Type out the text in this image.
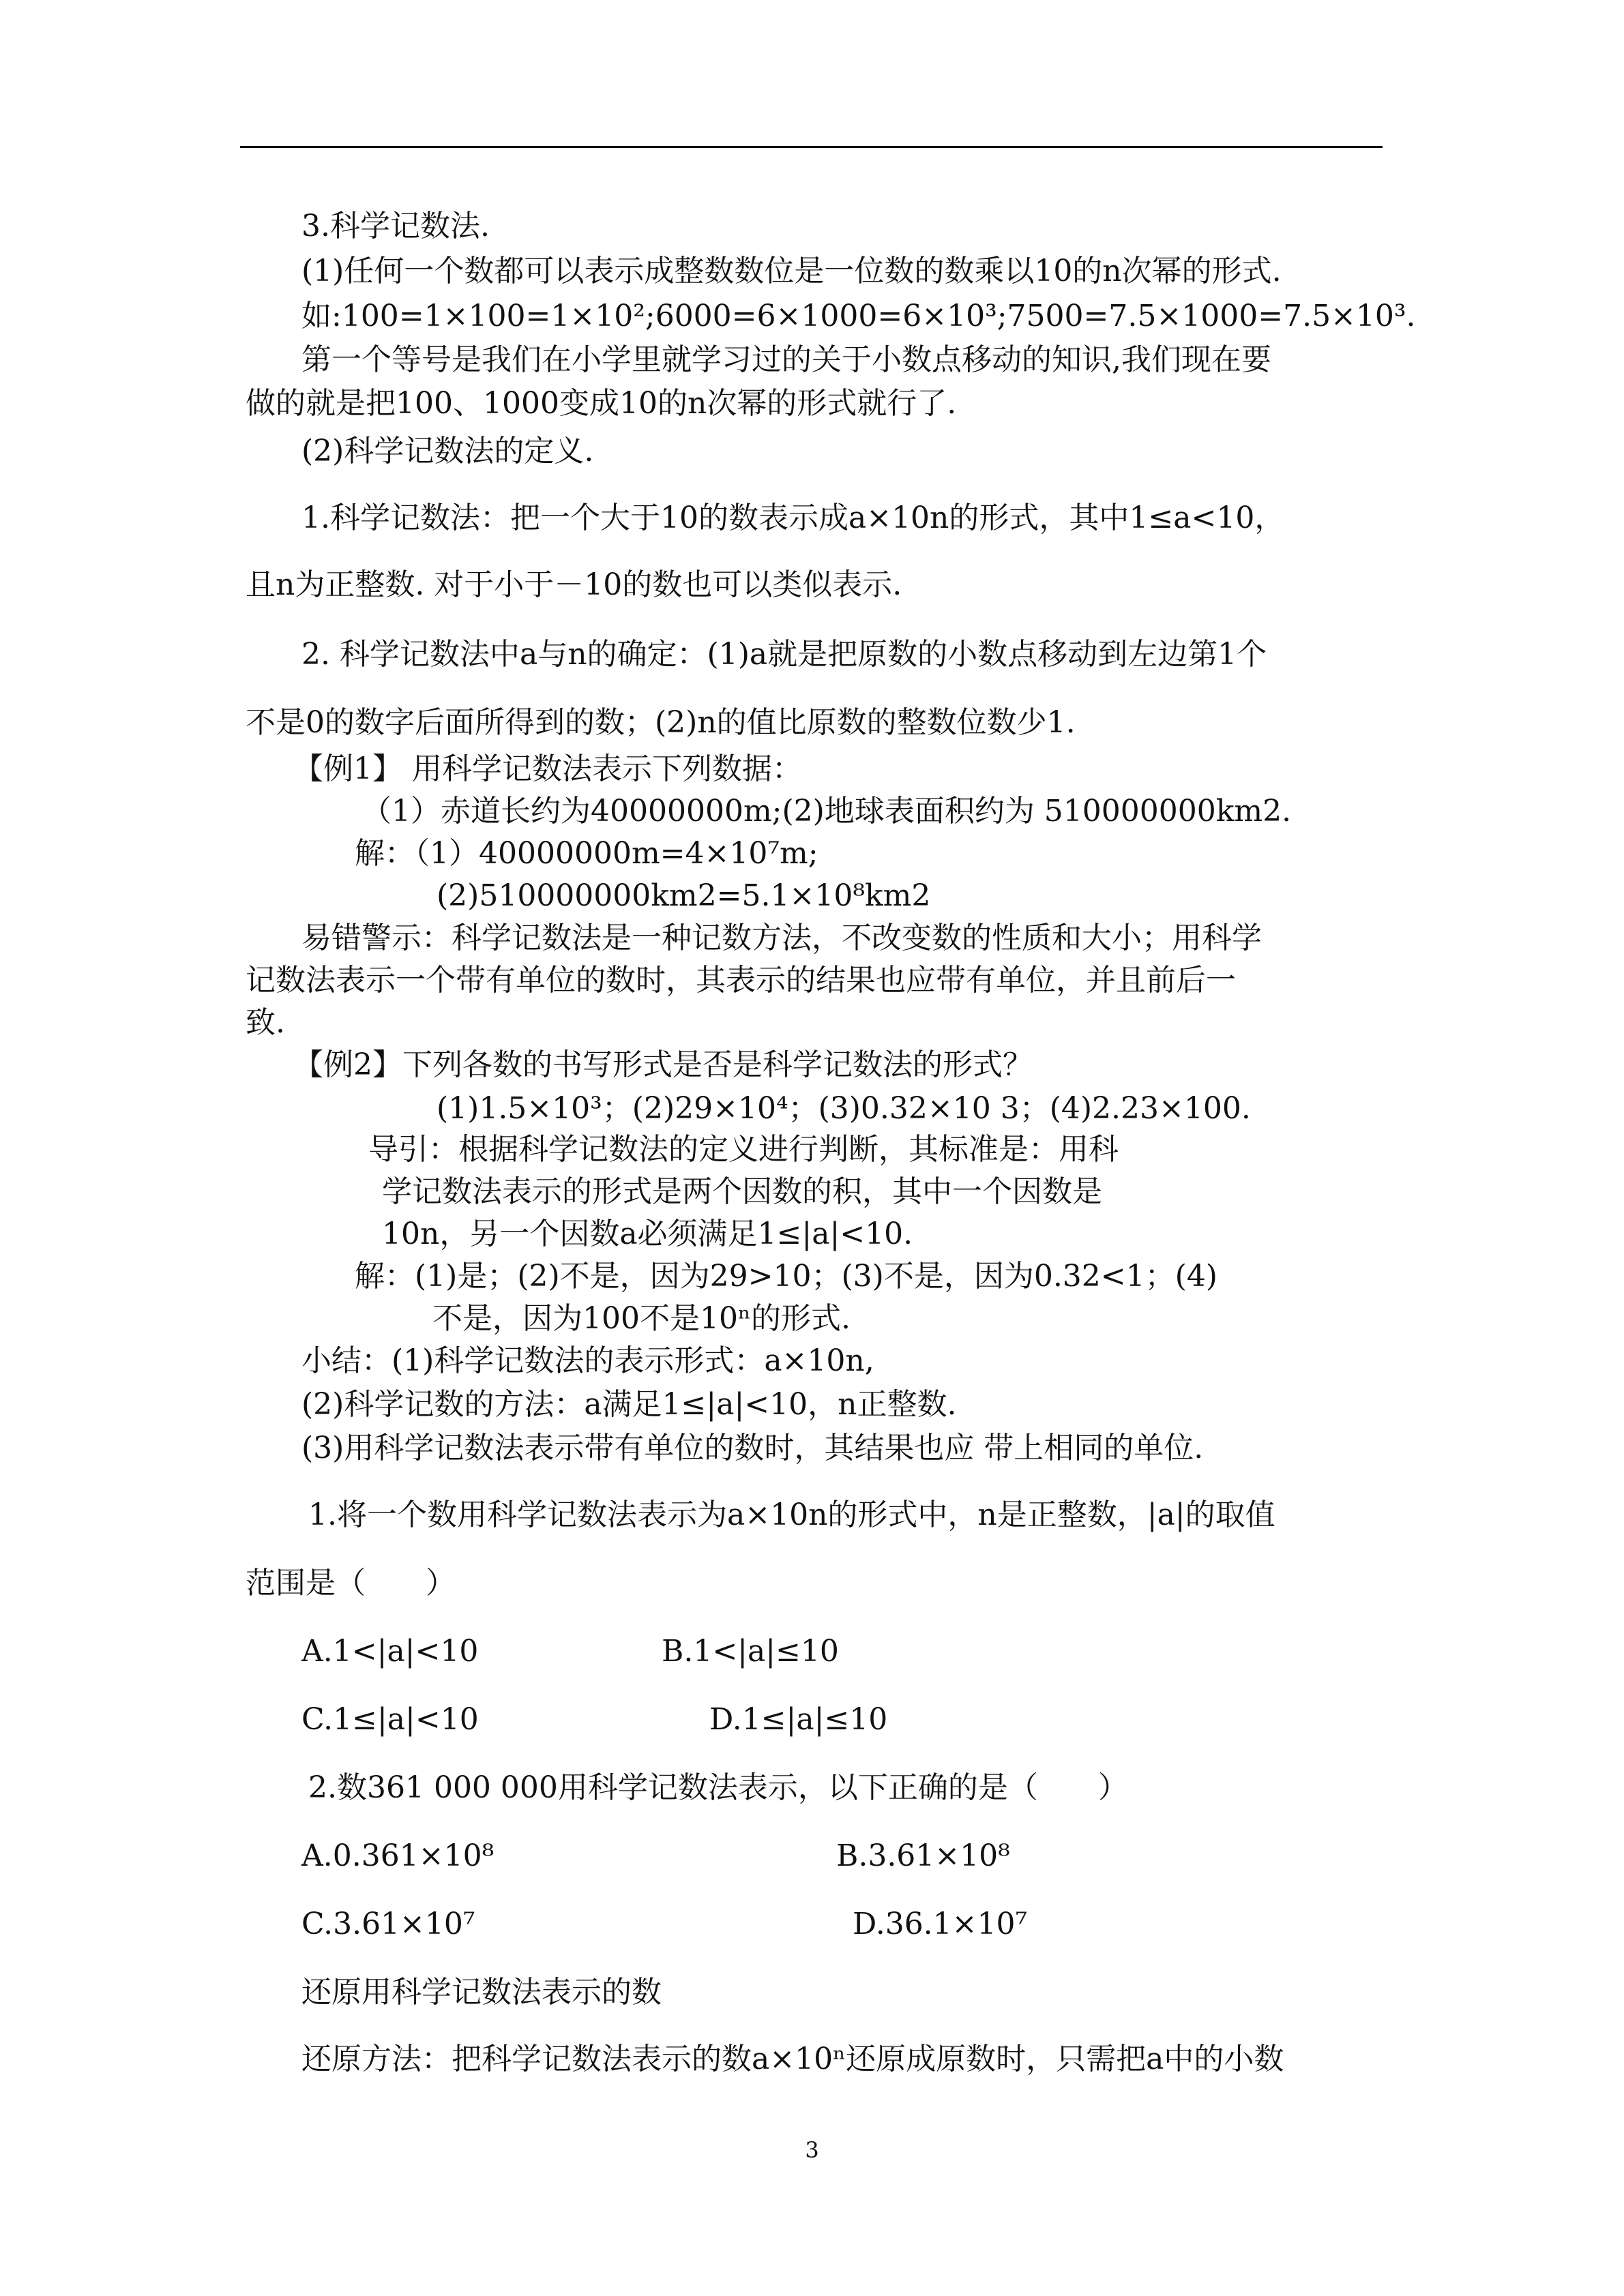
3.科学记数法.
(1)任何一个数都可以表示成整数数位是一位数的数乘以10的n次幂的形式.
如:100=1×100=1×10²;6000=6×1000=6×10³;7500=7.5×1000=7.5×10³.
第一个等号是我们在小学里就学习过的关于小数点移动的知识,我们现在要
做的就是把100、1000变成10的n次幂的形式就行了.
(2)科学记数法的定义.
1.科学记数法：把一个大于10的数表示成a×10n的形式，其中1≤a<10，
且n为正整数. 对于小于－10的数也可以类似表示.
2. 科学记数法中a与n的确定：(1)a就是把原数的小数点移动到左边第1个
不是0的数字后面所得到的数；(2)n的值比原数的整数位数少1.
【例1】 用科学记数法表示下列数据：
（1）赤道长约为40000000m;(2)地球表面积约为 510000000km2.
解：（1）40000000m=4×10⁷m;
(2)510000000km2=5.1×10⁸km2
易错警示：科学记数法是一种记数方法，不改变数的性质和大小；用科学
记数法表示一个带有单位的数时，其表示的结果也应带有单位，并且前后一
致.
【例2】下列各数的书写形式是否是科学记数法的形式？
(1)1.5×10³；(2)29×10⁴；(3)0.32×10 3；(4)2.23×100.
导引：根据科学记数法的定义进行判断，其标准是：用科
学记数法表示的形式是两个因数的积，其中一个因数是
10n，另一个因数a必须满足1≤|a|<10.
解：(1)是；(2)不是，因为29>10；(3)不是，因为0.32<1；(4)
不是，因为100不是10ⁿ的形式.
小结：(1)科学记数法的表示形式：a×10n,
(2)科学记数的方法：a满足1≤|a|<10，n正整数.
(3)用科学记数法表示带有单位的数时，其结果也应 带上相同的单位.
1.将一个数用科学记数法表示为a×10n的形式中，n是正整数，|a|的取值
范围是（　　）
A.1<|a|<10	B.1<|a|≤10
C.1≤|a|<10	D.1≤|a|≤10
2.数361 000 000用科学记数法表示，以下正确的是（　　）
A.0.361×10⁸	B.3.61×10⁸
C.3.61×10⁷	D.36.1×10⁷
还原用科学记数法表示的数
还原方法：把科学记数法表示的数a×10ⁿ还原成原数时，只需把a中的小数
3
